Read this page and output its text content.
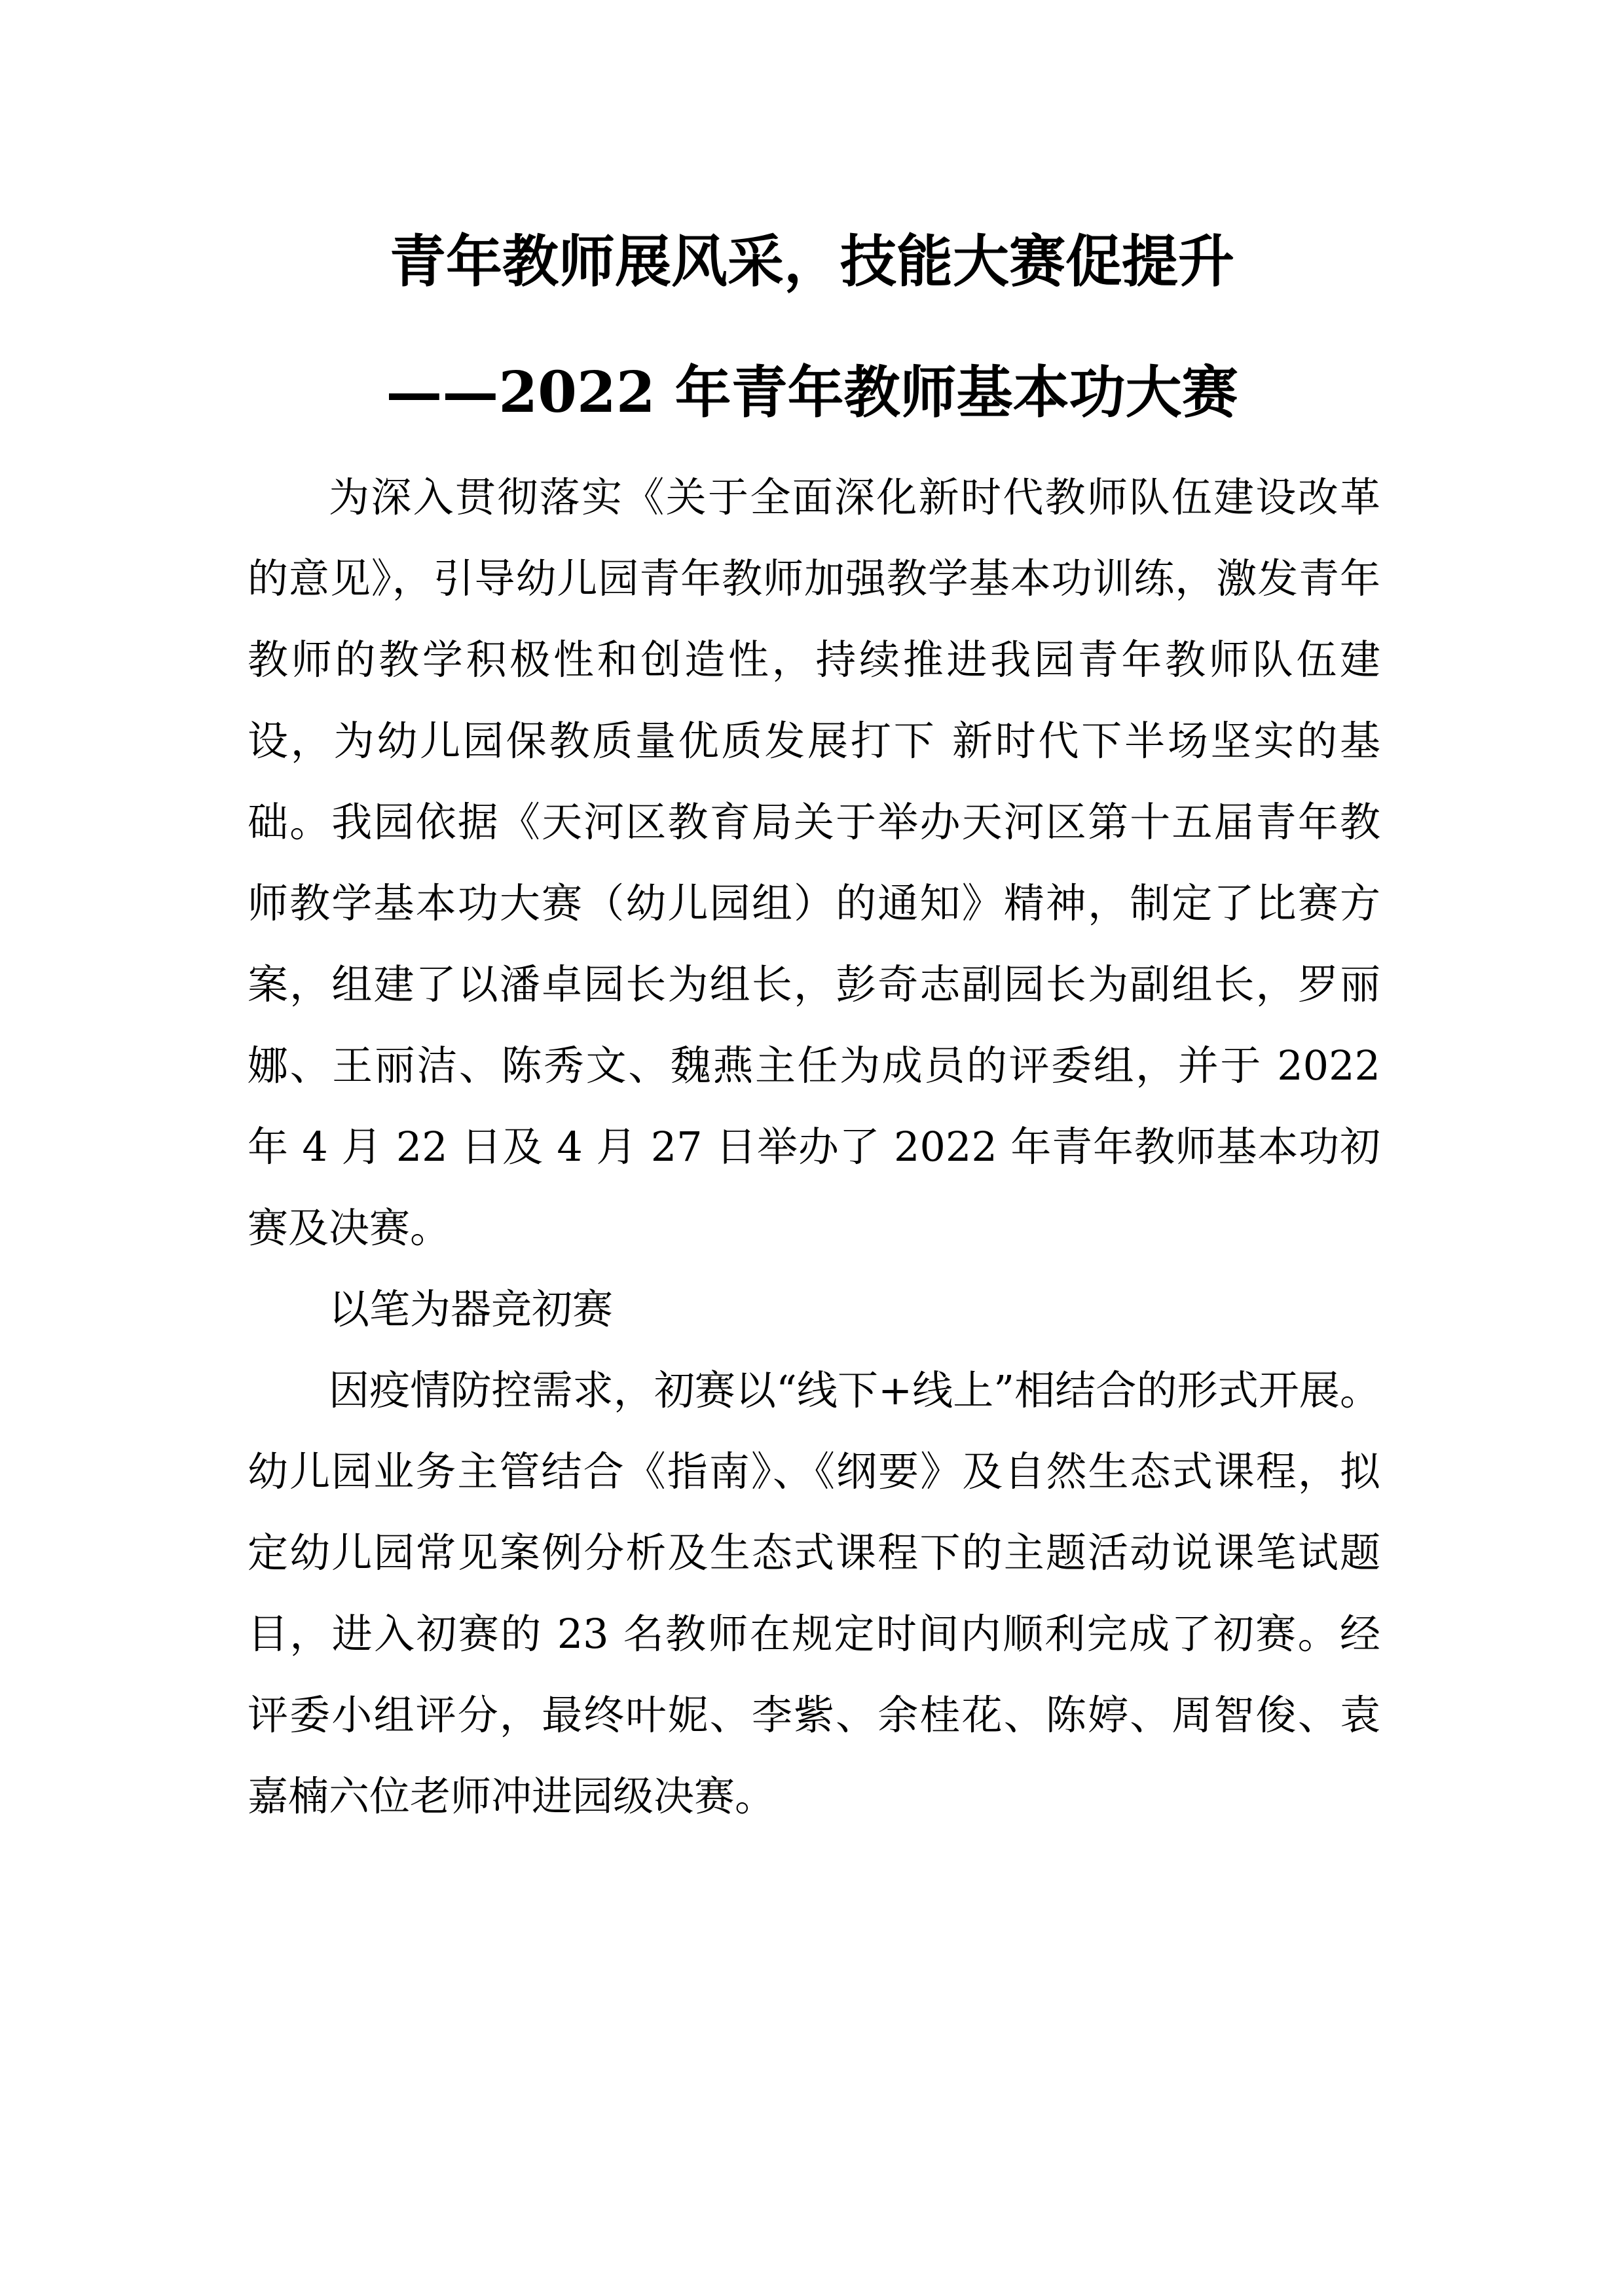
青年教师展风采，技能大赛促提升
——2022 年青年教师基本功大赛

为深入贯彻落实《关于全面深化新时代教师队伍建设改革的意见》，引导幼儿园青年教师加强教学基本功训练，激发青年教师的教学积极性和创造性，持续推进我园青年教师队伍建设，为幼儿园保教质量优质发展打下 新时代下半场坚实的基础。我园依据《天河区教育局关于举办天河区第十五届青年教师教学基本功大赛（幼儿园组）的通知》精神，制定了比赛方案，组建了以潘卓园长为组长，彭奇志副园长为副组长，罗丽娜、王丽洁、陈秀文、魏燕主任为成员的评委组，并于 2022 年 4 月 22 日及 4 月 27 日举办了 2022 年青年教师基本功初赛及决赛。

以笔为器竞初赛

因疫情防控需求，初赛以“线下+线上”相结合的形式开展。幼儿园业务主管结合《指南》、《纲要》及自然生态式课程，拟定幼儿园常见案例分析及生态式课程下的主题活动说课笔试题目，进入初赛的 23 名教师在规定时间内顺利完成了初赛。经评委小组评分，最终叶妮、李紫、余桂花、陈婷、周智俊、袁嘉楠六位老师冲进园级决赛。
